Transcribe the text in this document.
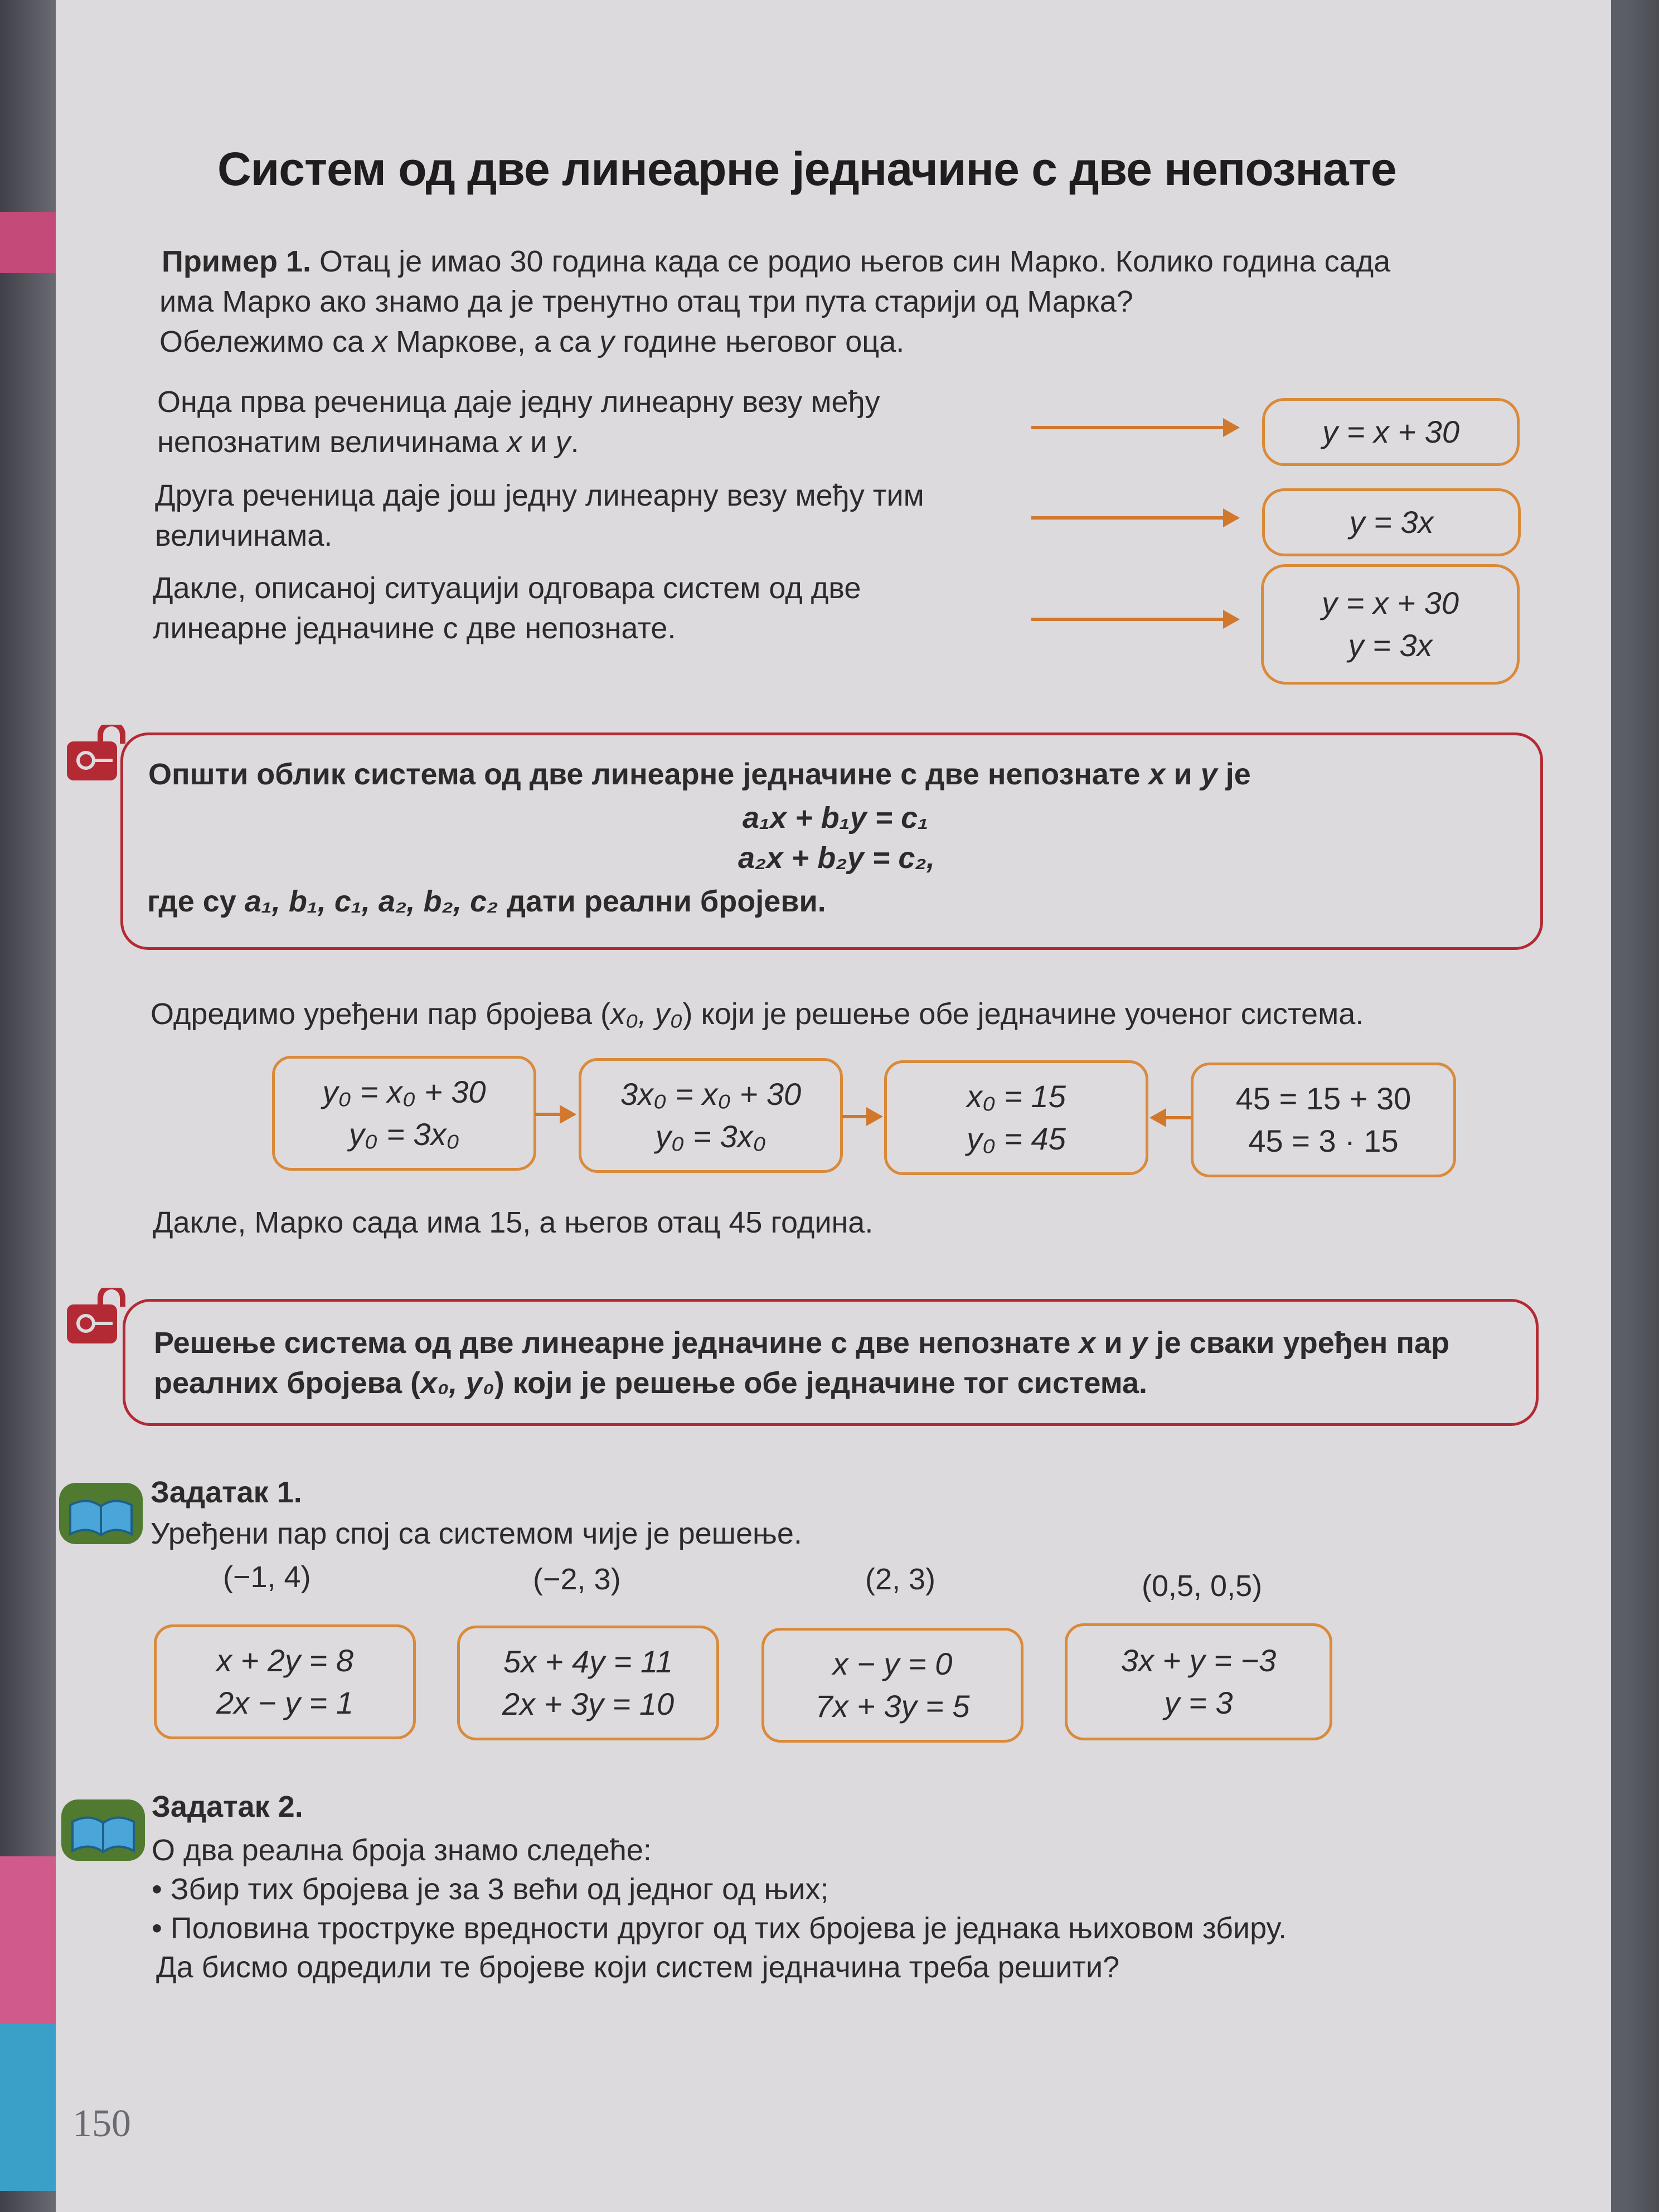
Систем од две линеарне једначине с две непознате
Пример 1. Отац је имао 30 година када се родио његов син Марко. Колико година сада
има Марко ако знамо да је тренутно отац три пута старији од Марка?
Обележимо са x Маркове, а са y године његовог оца.
Онда прва реченица даје једну линеарну везу међу
непознатим величинама x и y.	y = x + 30
Друга реченица даје још једну линеарну везу међу тим
величинама.	y = 3x
Дакле, описаној ситуацији одговара систем од две
линеарне једначине с две непознате.
y = x + 30
y = 3x
Општи облик система од две линеарне једначине с две непознате x и y је
a₁x + b₁y = c₁
a₂x + b₂y = c₂,
где су a₁, b₁, c₁, a₂, b₂, c₂ дати реални бројеви.
Одредимо уређени пар бројева (x₀, y₀) који је решење обе једначине уоченог система.
y₀ = x₀ + 30
y₀ = 3x₀
3x₀ = x₀ + 30
y₀ = 3x₀
x₀ = 15
y₀ = 45
45 = 15 + 30
45 = 3 · 15
Дакле, Марко сада има 15, а његов отац 45 година.
Решење система од две линеарне једначине с две непознате x и y је сваки уређен пар
реалних бројева (x₀, y₀) који је решење обе једначине тог система.
Задатак 1.
Уређени пар спој са системом чије је решење.
(−1, 4)	(−2, 3)	(2, 3)	(0,5, 0,5)
x + 2y = 8
2x − y = 1
5x + 4y = 11
2x + 3y = 10
x − y = 0
7x + 3y = 5
3x + y = −3
y = 3
Задатак 2.
О два реална броја знамо следеће:
• Збир тих бројева је за 3 већи од једног од њих;
• Половина троструке вредности другог од тих бројева је једнака њиховом збиру.
Да бисмо одредили те бројеве који систем једначина треба решити?
150
